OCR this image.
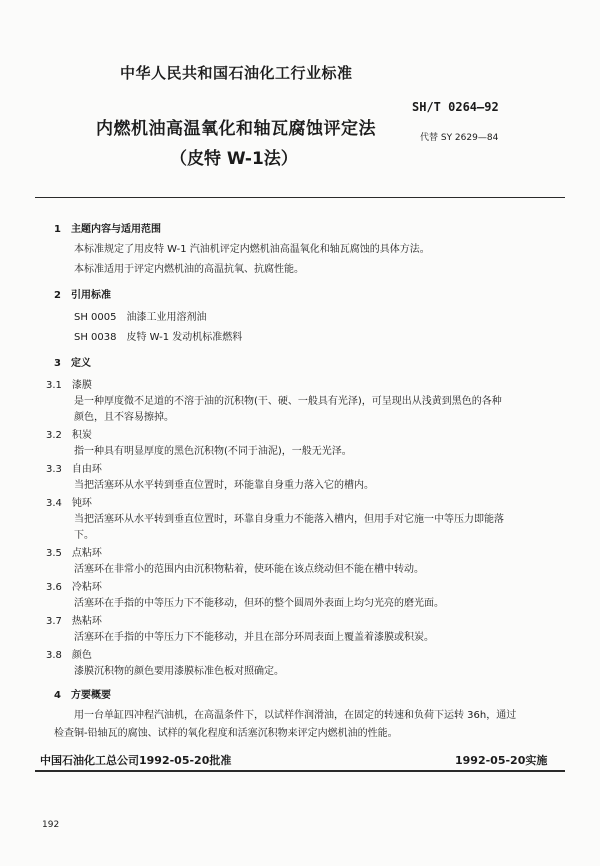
中华人民共和国石油化工行业标准
内燃机油高温氧化和轴瓦腐蚀评定法
（皮特 W-1法）
SH/T 0264—92
代替 SY 2629—84
1　主题内容与适用范围
本标准规定了用皮特 W-1 汽油机评定内燃机油高温氧化和轴瓦腐蚀的具体方法。
本标准适用于评定内燃机油的高温抗氧、抗腐性能。
2　引用标准
SH 0005　油漆工业用溶剂油
SH 0038　皮特 W-1 发动机标准燃料
3　定义
3.1　漆膜
是一种厚度微不足道的不溶于油的沉积物(干、硬、一般具有光泽)，可呈现出从浅黄到黑色的各种
颜色，且不容易擦掉。
3.2　积炭
指一种具有明显厚度的黑色沉积物(不同于油泥)，一般无光泽。
3.3　自由环
当把活塞环从水平转到垂直位置时，环能靠自身重力落入它的槽内。
3.4　钝环
当把活塞环从水平转到垂直位置时，环靠自身重力不能落入槽内，但用手对它施一中等压力即能落
下。
3.5　点粘环
活塞环在非常小的范围内由沉积物粘着，使环能在该点绕动但不能在槽中转动。
3.6　冷粘环
活塞环在手指的中等压力下不能移动，但环的整个圆周外表面上均匀光亮的磨光面。
3.7　热粘环
活塞环在手指的中等压力下不能移动，并且在部分环周表面上覆盖着漆膜或积炭。
3.8　颜色
漆膜沉积物的颜色要用漆膜标准色板对照确定。
4　方要概要
用一台单缸四冲程汽油机，在高温条件下，以试样作润滑油，在固定的转速和负荷下运转 36h，通过
检查铜-铅轴瓦的腐蚀、试样的氧化程度和活塞沉积物来评定内燃机油的性能。
中国石油化工总公司1992-05-20批准	1992-05-20实施
192
